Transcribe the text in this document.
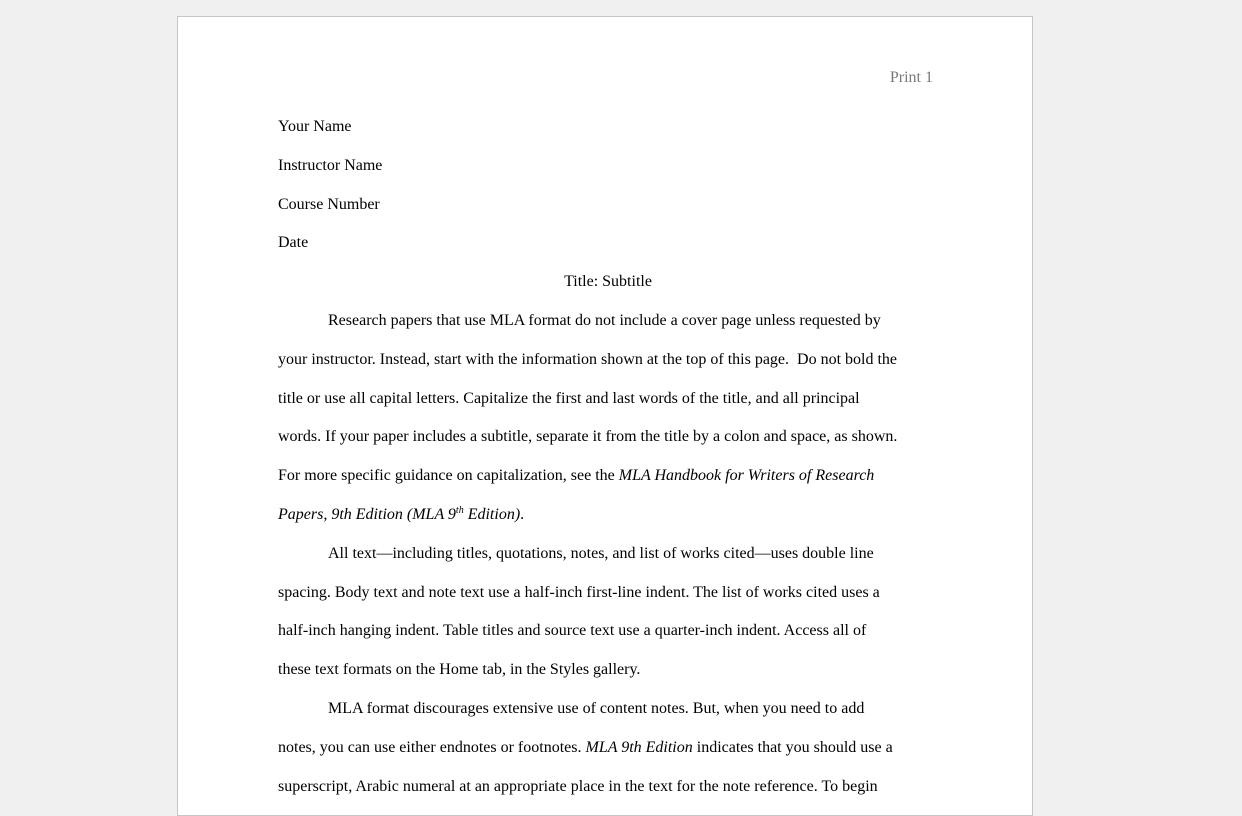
Print 1
Your Name
Instructor Name
Course Number
Date
Title: Subtitle
Research papers that use MLA format do not include a cover page unless requested by
your instructor. Instead, start with the information shown at the top of this page.  Do not bold the
title or use all capital letters. Capitalize the first and last words of the title, and all principal
words. If your paper includes a subtitle, separate it from the title by a colon and space, as shown.
For more specific guidance on capitalization, see the MLA Handbook for Writers of Research
Papers, 9th Edition (MLA 9th Edition).
All text—including titles, quotations, notes, and list of works cited—uses double line
spacing. Body text and note text use a half-inch first-line indent. The list of works cited uses a
half-inch hanging indent. Table titles and source text use a quarter-inch indent. Access all of
these text formats on the Home tab, in the Styles gallery.
MLA format discourages extensive use of content notes. But, when you need to add
notes, you can use either endnotes or footnotes. MLA 9th Edition indicates that you should use a
superscript, Arabic numeral at an appropriate place in the text for the note reference. To begin
